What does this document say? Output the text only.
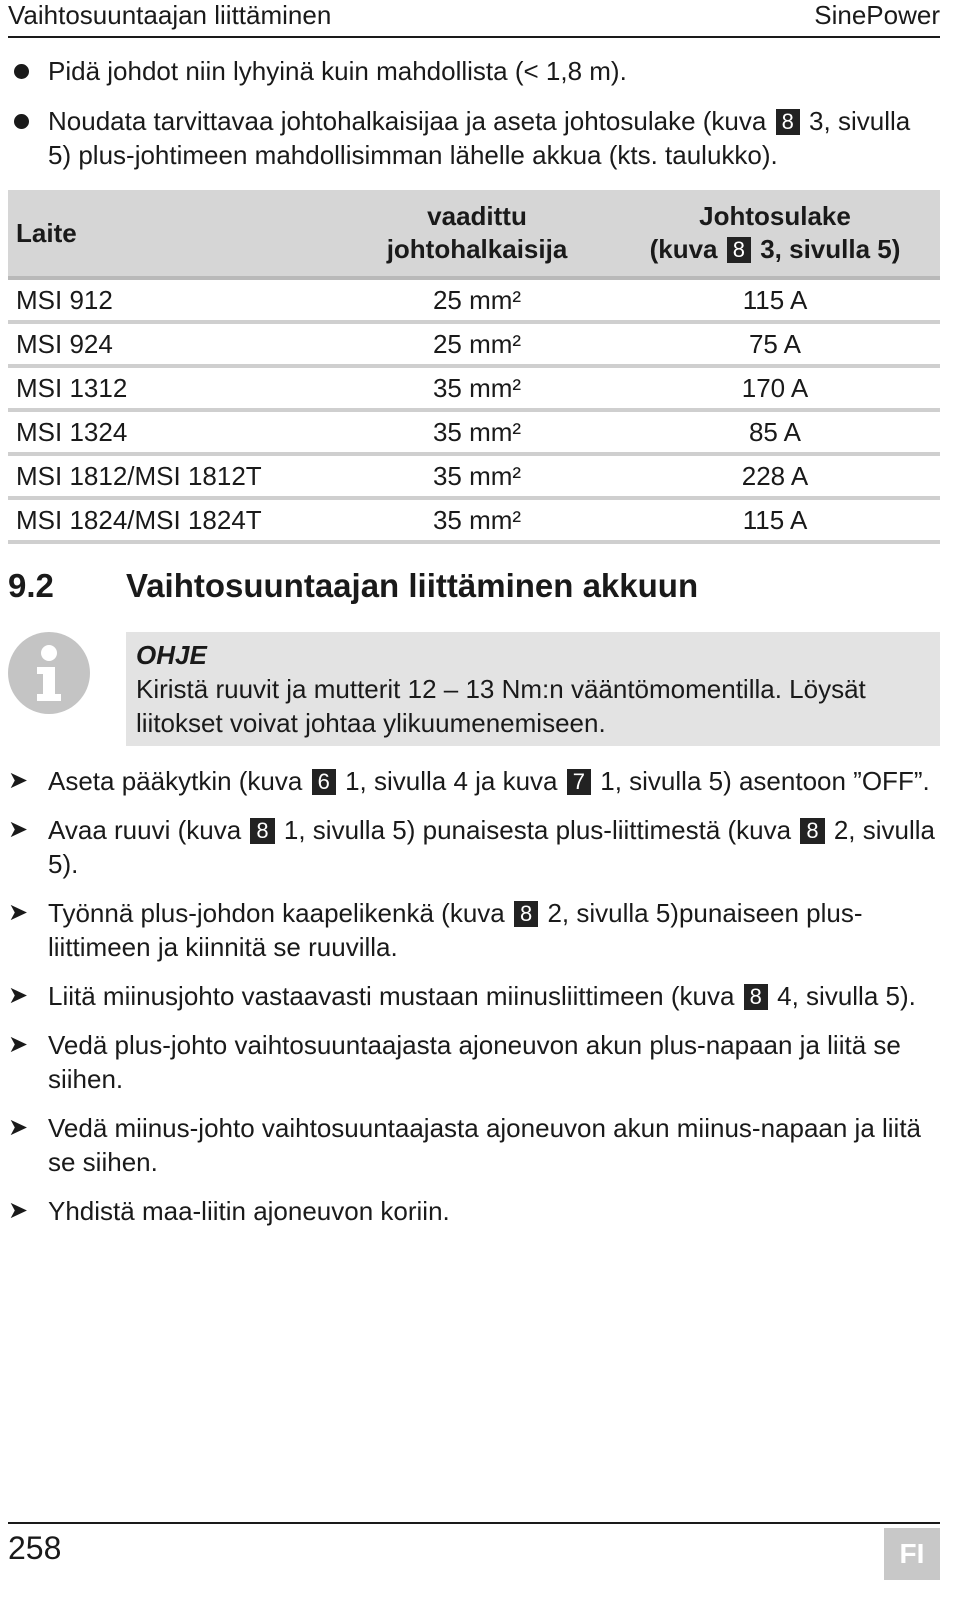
Vaihtosuuntaajan liittäminen	SinePower
Pidä johdot niin lyhyinä kuin mahdollista (< 1,8 m).
Noudata tarvittavaa johtohalkaisijaa ja aseta johtosulake (kuva 8 3, sivulla 5) plus-johtimeen mahdollisimman lähelle akkua (kts. taulukko).
Laite	vaadittu johtohalkaisija	Johtosulake
(kuva 8 3, sivulla 5)
MSI 912	25 mm²	115 A
MSI 924	25 mm²	75 A
MSI 1312	35 mm²	170 A
MSI 1324	35 mm²	85 A
MSI 1812/MSI 1812T	35 mm²	228 A
MSI 1824/MSI 1824T	35 mm²	115 A
9.2 Vaihtosuuntaajan liittäminen akkuun
OHJE
Kiristä ruuvit ja mutterit 12 – 13 Nm:n vääntömomentilla. Löysät liitokset voivat johtaa ylikuumenemiseen.
➤ Aseta pääkytkin (kuva 6 1, sivulla 4 ja kuva 7 1, sivulla 5) asentoon ”OFF”.
➤ Avaa ruuvi (kuva 8 1, sivulla 5) punaisesta plus-liittimestä (kuva 8 2, sivulla 5).
➤ Työnnä plus-johdon kaapelikenkä (kuva 8 2, sivulla 5)punaiseen plus-liittimeen ja kiinnitä se ruuvilla.
➤ Liitä miinusjohto vastaavasti mustaan miinusliittimeen (kuva 8 4, sivulla 5).
➤ Vedä plus-johto vaihtosuuntaajasta ajoneuvon akun plus-napaan ja liitä se siihen.
➤ Vedä miinus-johto vaihtosuuntaajasta ajoneuvon akun miinus-napaan ja liitä se siihen.
➤ Yhdistä maa-liitin ajoneuvon koriin.
258	FI
